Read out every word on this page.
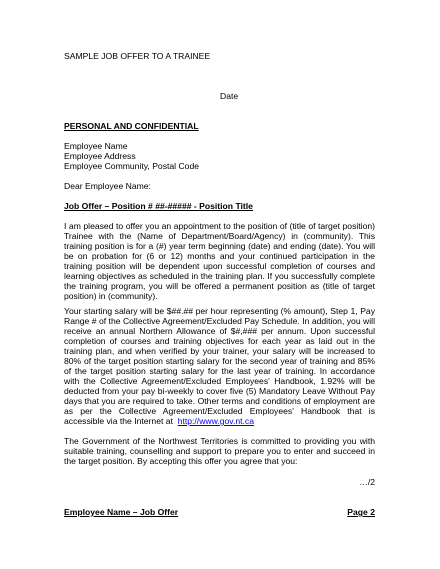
SAMPLE JOB OFFER TO A TRAINEE
Date
PERSONAL AND CONFIDENTIAL
Employee Name
Employee Address
Employee Community, Postal Code
Dear Employee Name:
Job Offer – Position # ##-##### - Position Title

I am pleased to offer you an appointment to the position of (title of target position) Trainee with the (Name of Department/Board/Agency) in (community). This training position is for a (#) year term beginning (date) and ending (date). You will be on probation for (6 or 12) months and your continued participation in the training position will be dependent upon successful completion of courses and learning objectives as scheduled in the training plan. If you successfully complete the training program, you will be offered a permanent position as (title of target position) in (community).

Your starting salary will be $##.## per hour representing (% amount), Step 1, Pay Range # of the Collective Agreement/Excluded Pay Schedule. In addition, you will receive an annual Northern Allowance of $#,### per annum. Upon successful completion of courses and training objectives for each year as laid out in the training plan, and when verified by your trainer, your salary will be increased to 80% of the target position starting salary for the second year of training and 85% of the target position starting salary for the last year of training. In accordance with the Collective Agreement/Excluded Employees' Handbook, 1.92% will be deducted from your pay bi-weekly to cover five (5) Mandatory Leave Without Pay days that you are required to take. Other terms and conditions of employment are as per the Collective Agreement/Excluded Employees' Handbook that is accessible via the Internet at http://www.gov.nt.ca

The Government of the Northwest Territories is committed to providing you with suitable training, counselling and support to prepare you to enter and succeed in the target position. By accepting this offer you agree that you:

…/2
Employee Name – Job Offer	Page 2
